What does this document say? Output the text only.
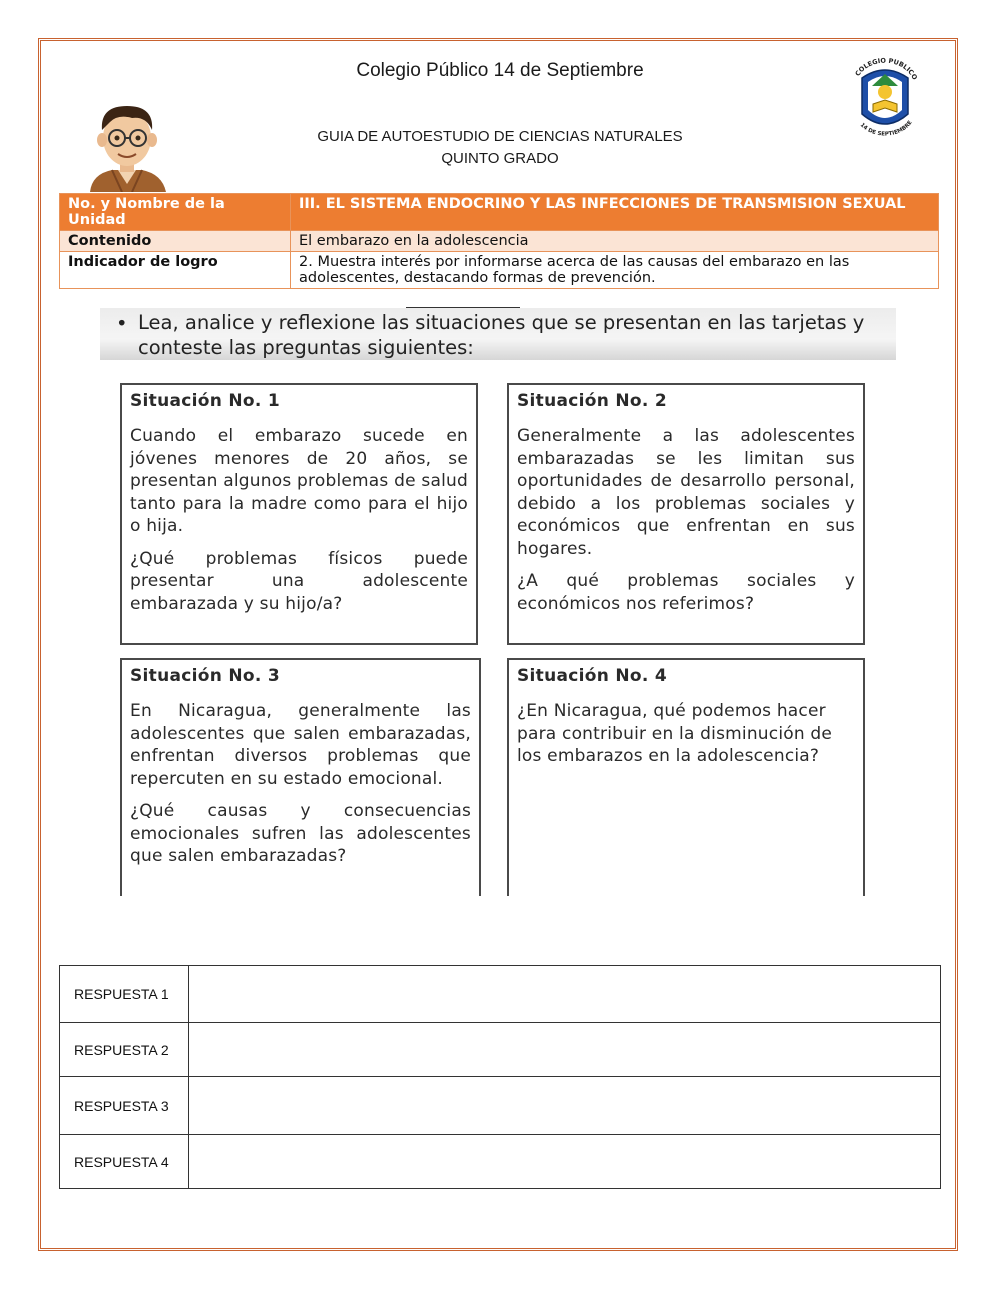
Colegio Público 14 de Septiembre
GUIA DE AUTOESTUDIO DE CIENCIAS NATURALES
QUINTO GRADO
COLEGIO PUBLICO
14 DE SEPTIEMBRE
No. y Nombre de la Unidad	III. EL SISTEMA ENDOCRINO Y LAS INFECCIONES DE TRANSMISION SEXUAL
Contenido	El embarazo en la adolescencia
Indicador de logro	2. Muestra interés por informarse acerca de las causas del embarazo en las adolescentes, destacando formas de prevención.
• Lea, analice y reflexione las situaciones que se presentan en las tarjetas y conteste las preguntas siguientes:
Situación No. 1

Cuando el embarazo sucede en jóvenes menores de 20 años, se presentan algunos problemas de salud tanto para la madre como para el hijo o hija.

¿Qué problemas físicos puede presentar una adolescente embarazada y su hijo/a?

Situación No. 2

Generalmente a las adolescentes embarazadas se les limitan sus oportunidades de desarrollo personal, debido a los problemas sociales y económicos que enfrentan en sus hogares.

¿A qué problemas sociales y económicos nos referimos?

Situación No. 3

En Nicaragua, generalmente las adolescentes que salen embarazadas, enfrentan diversos problemas que repercuten en su estado emocional.

¿Qué causas y consecuencias emocionales sufren las adolescentes que salen embarazadas?

Situación No. 4

¿En Nicaragua, qué podemos hacer para contribuir en la disminución de los embarazos en la adolescencia?

RESPUESTA 1	
RESPUESTA 2	
RESPUESTA 3	
RESPUESTA 4	
